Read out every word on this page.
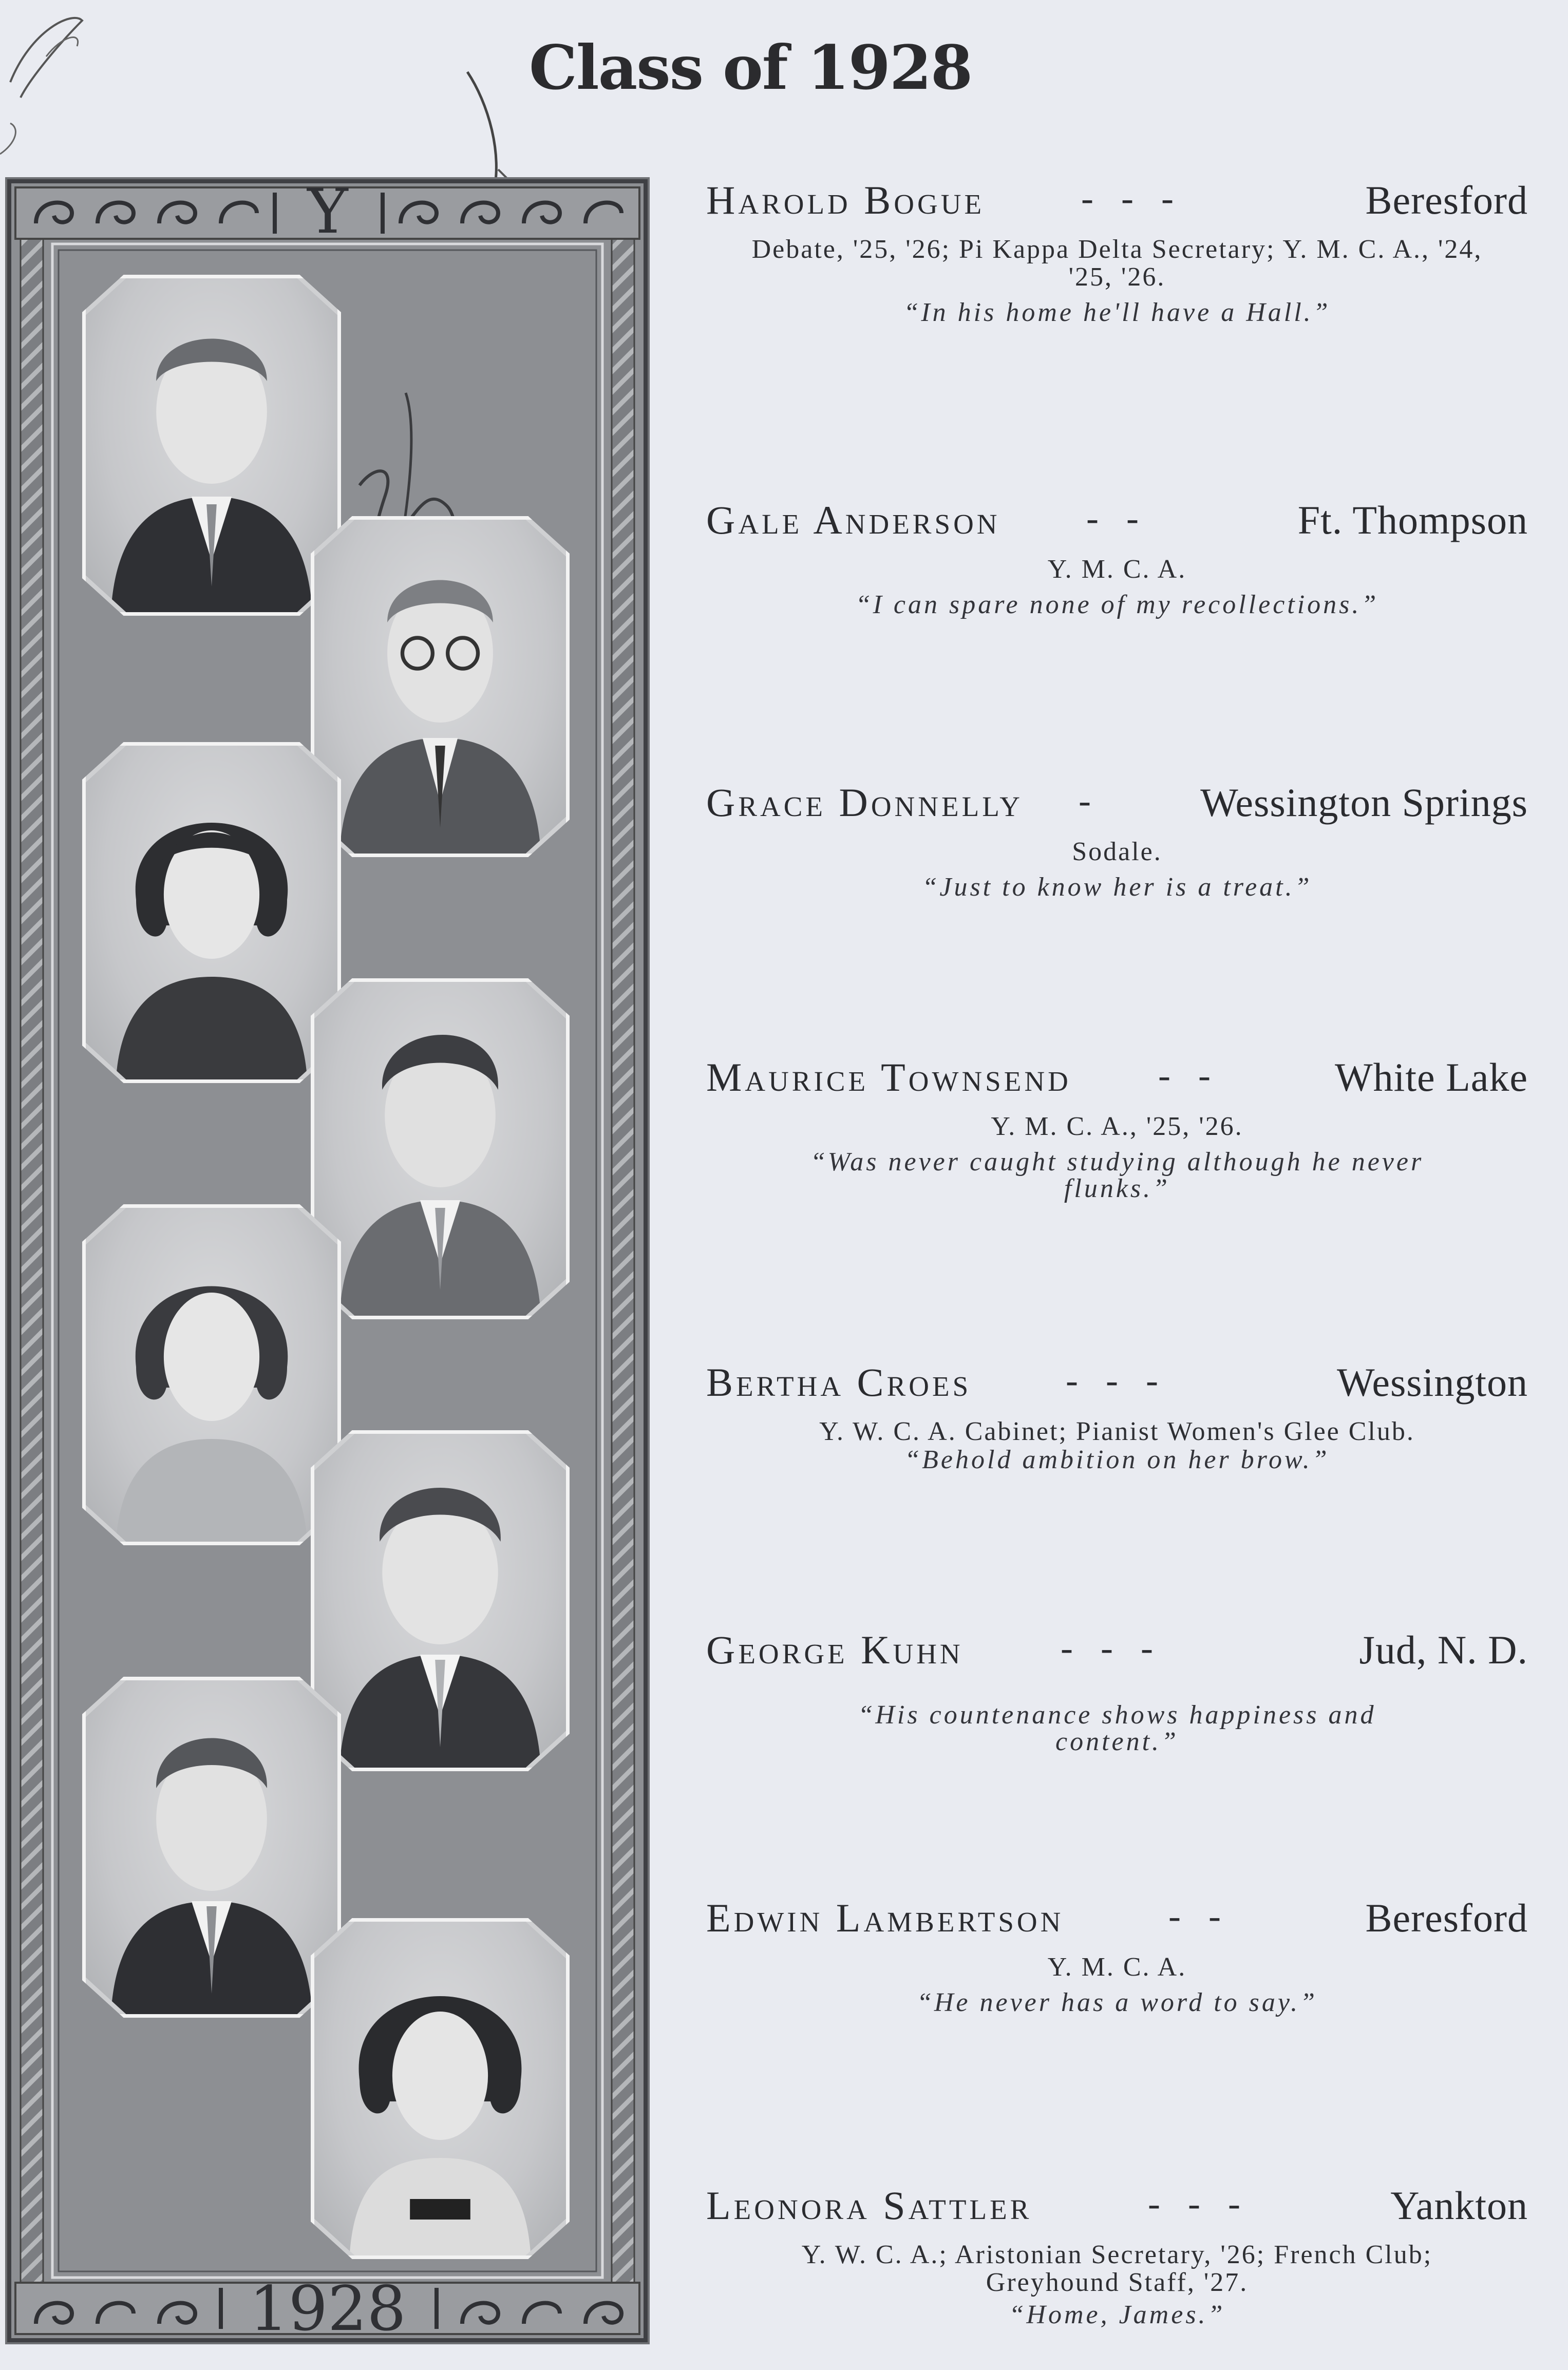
Class of 1928
Y
1928
Harold Bogue	-   -   -	Beresford
Debate, '25, '26; Pi Kappa Delta Secretary; Y. M. C. A., '24, '25, '26.
“In his home he'll have a Hall.”
Gale Anderson -   -	Ft. Thompson
Y. M. C. A.
“I can spare none of my recollections.”
Grace Donnelly -	Wessington Springs
Sodale.
“Just to know her is a treat.”
Maurice Townsend -   -	White Lake
Y. M. C. A., '25, '26.
“Was never caught studying although he never flunks.”
Bertha Croes	-   -   -	Wessington
Y. W. C. A. Cabinet; Pianist Women's Glee Club.
“Behold ambition on her brow.”
George Kuhn	-   -   -	Jud, N. D.
“His countenance shows happiness and content.”
Edwin Lambertson	-   -	Beresford
Y. M. C. A.
“He never has a word to say.”
Leonora Sattler	-   -   -	Yankton
Y. W. C. A.; Aristonian Secretary, '26; French Club; Greyhound Staff, '27.
“Home, James.”
